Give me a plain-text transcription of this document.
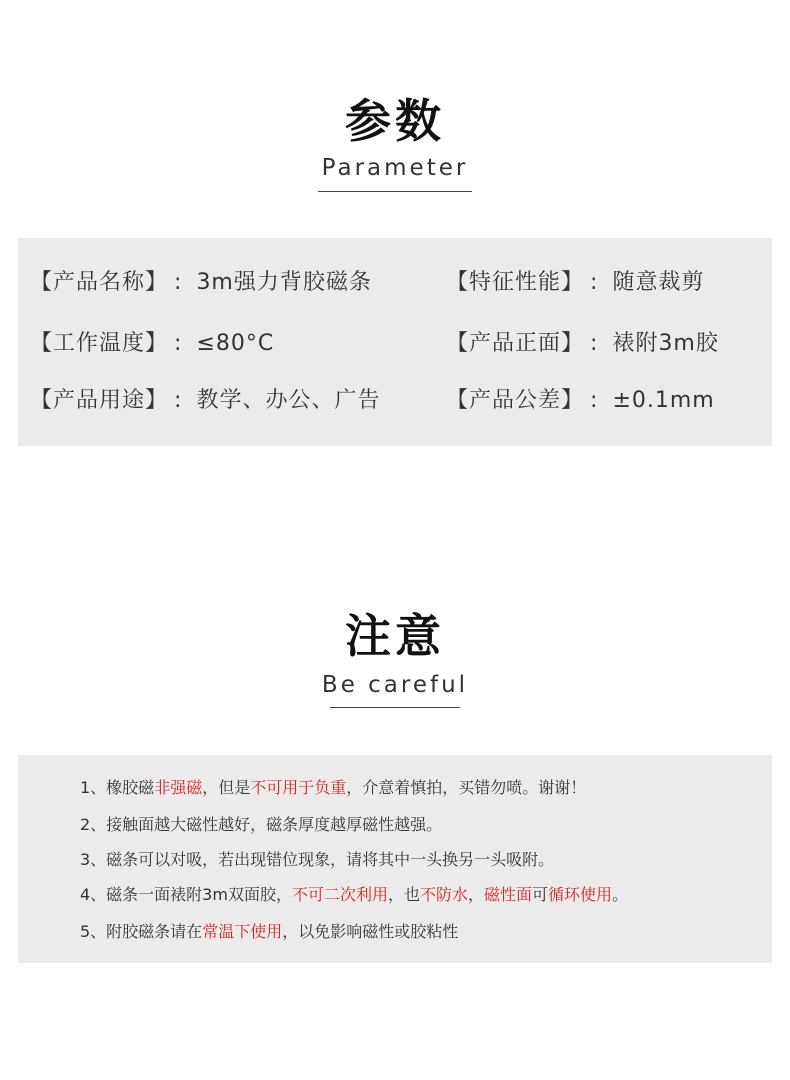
参数
Parameter
【产品名称】 : 3m强力背胶磁条	【特征性能】 : 随意裁剪
【工作温度】 : ≤80°C	【产品正面】 : 裱附3m胶
【产品用途】 : 教学、办公、广告	【产品公差】 : ±0.1mm
注意
Be careful
1、橡胶磁非强磁，但是不可用于负重，介意着慎拍，买错勿喷。谢谢！
2、接触面越大磁性越好，磁条厚度越厚磁性越强。
3、磁条可以对吸，若出现错位现象，请将其中一头换另一头吸附。
4、磁条一面裱附3m双面胶，不可二次利用，也不防水，磁性面可循环使用。
5、附胶磁条请在常温下使用，以免影响磁性或胶粘性
